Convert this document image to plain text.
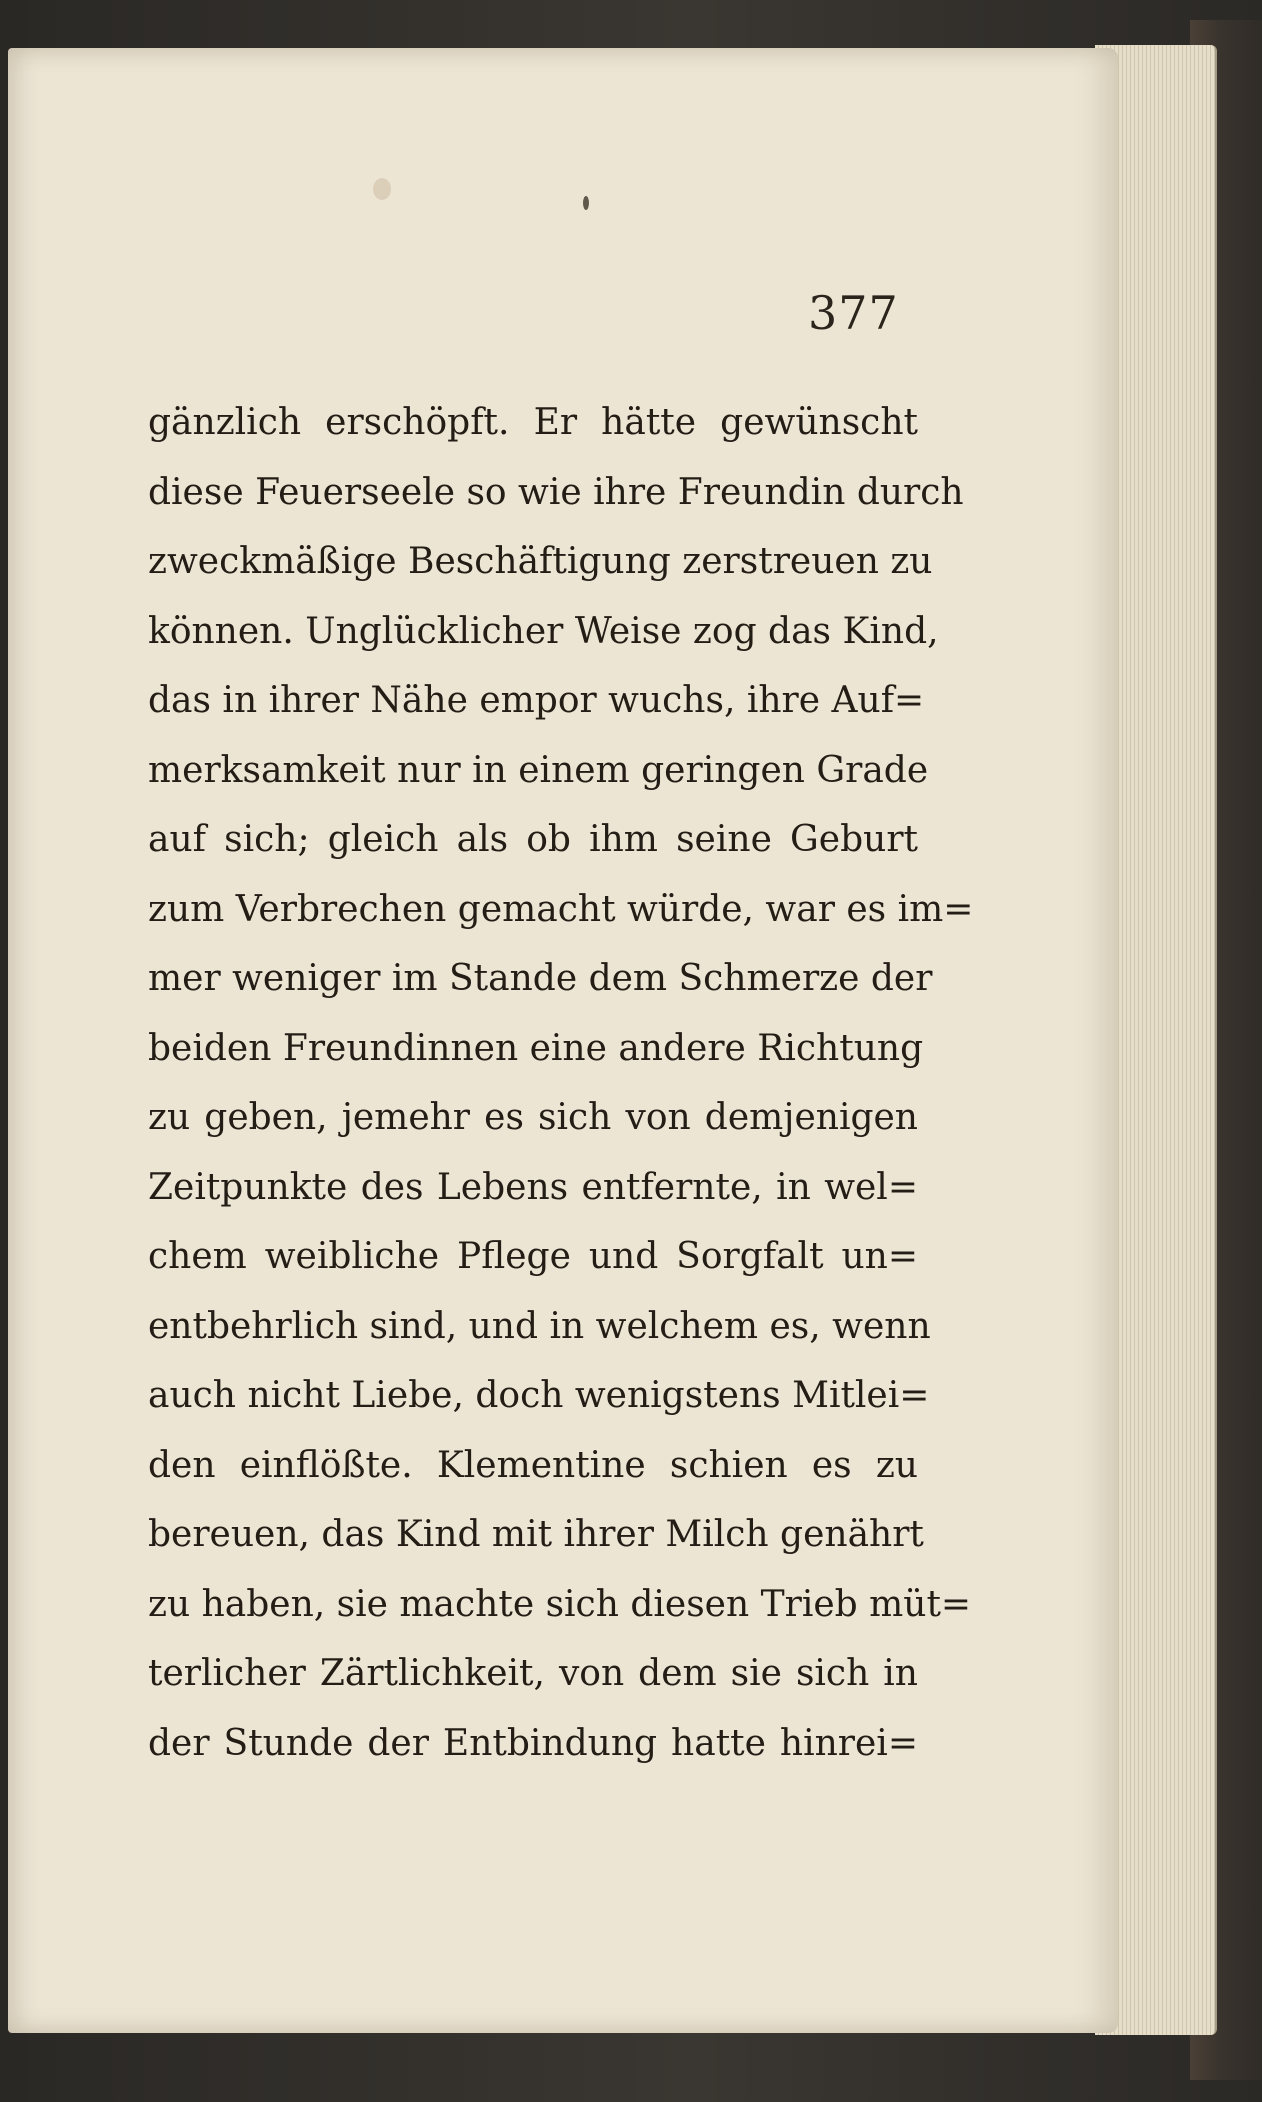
377
gänzlich erschöpft. Er hätte gewünscht
diese Feuerseele so wie ihre Freundin durch
zweckmäßige Beschäftigung zerstreuen zu
können. Unglücklicher Weise zog das Kind,
das in ihrer Nähe empor wuchs, ihre Auf=
merksamkeit nur in einem geringen Grade
auf sich; gleich als ob ihm seine Geburt
zum Verbrechen gemacht würde, war es im=
mer weniger im Stande dem Schmerze der
beiden Freundinnen eine andere Richtung
zu geben, jemehr es sich von demjenigen
Zeitpunkte des Lebens entfernte, in wel=
chem weibliche Pflege und Sorgfalt un=
entbehrlich sind, und in welchem es, wenn
auch nicht Liebe, doch wenigstens Mitlei=
den einflößte. Klementine schien es zu
bereuen, das Kind mit ihrer Milch genährt
zu haben, sie machte sich diesen Trieb müt=
terlicher Zärtlichkeit, von dem sie sich in
der Stunde der Entbindung hatte hinrei=
